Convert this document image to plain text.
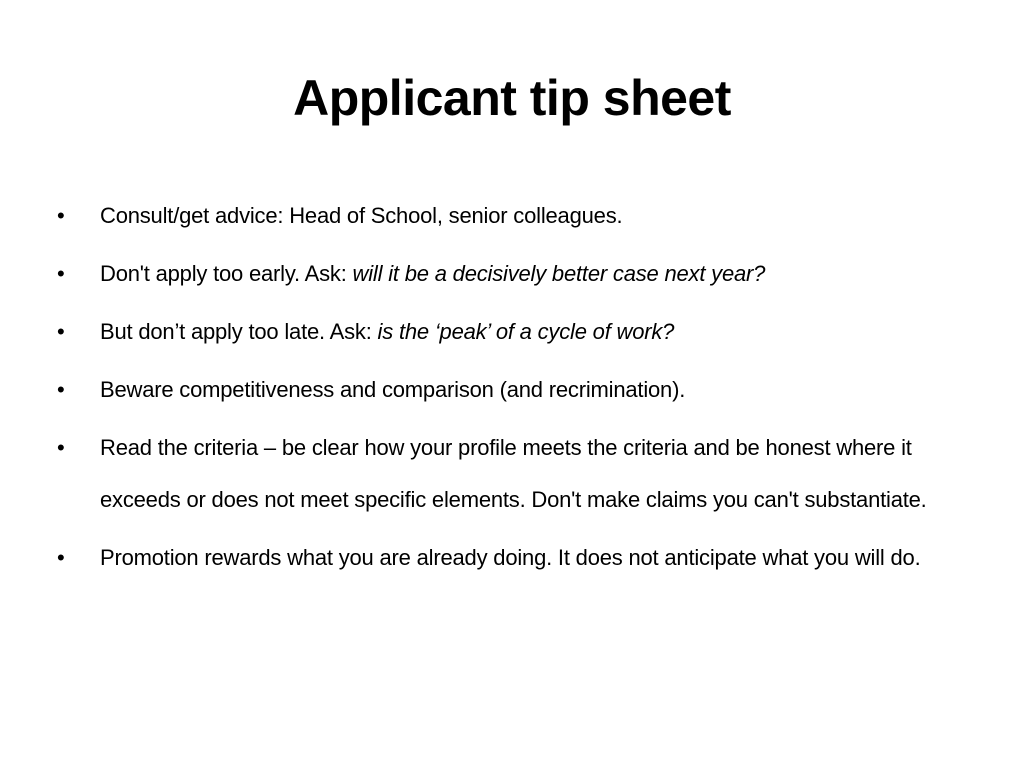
Applicant tip sheet
•	Consult/get advice: Head of School, senior colleagues.
•	Don't apply too early. Ask: will it be a decisively better case next year?
•	But don’t apply too late. Ask: is the ‘peak’ of a cycle of work?
•	Beware competitiveness and comparison (and recrimination).
•	Read the criteria – be clear how your profile meets the criteria and be honest where it exceeds or does not meet specific elements. Don't make claims you can't substantiate.
•	Promotion rewards what you are already doing. It does not anticipate what you will do.
